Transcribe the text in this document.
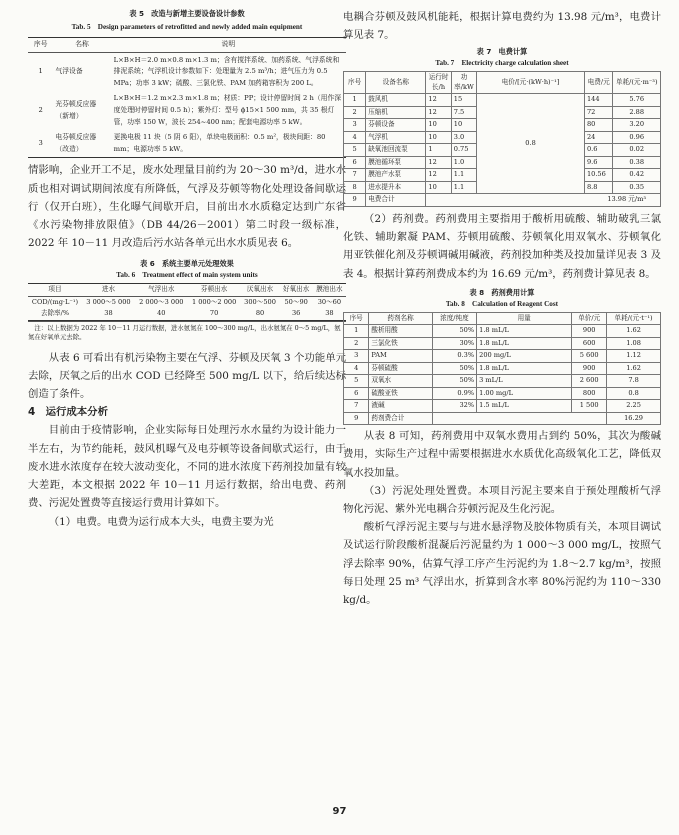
表 5　改造与新增主要设备设计参数
Tab. 5　Design parameters of retrofitted and newly added main equipment
序号	名称	说明
1	气浮设备	L×B×H＝2.0 m×0.8 m×1.3 m；含有搅拌系统、加药系统、气浮系统和排泥系统；气浮机设计参数如下：处理量为 2.5 m³/h；进气压力为 0.5 MPa；功率 3 kW；硫酸、三氯化铁、PAM 加药箱容积为 200 L。
2	光芬顿反应器（新增）	L×B×H＝1.2 m×2.3 m×1.8 m；材质：PP；设计停留时间 2 h（用作深度处理时停留时间 0.5 h）；紫外灯：型号 ϕ15×1 500 mm，共 35 根灯管，功率 150 W，波长 254~400 nm；配套电源功率 5 kW。
3	电芬顿反应器（改造）	更换电极 11 块（5 阴 6 阳），单块电极面积：0.5 m²，极块间距：80 mm；电源功率 5 kW。

情影响，企业开工不足，废水处理量目前约为 20～30 m³/d，进水水质也相对调试期间浓度有所降低，气浮及芬顿等物化处理设备间歇运行（仅开白班），生化曝气间歇开启，目前出水水质稳定达到广东省《水污染物排放限值》（DB 44/26－2001）第二时段一级标准，2022 年 10－11 月改造后污水站各单元出水水质见表 6。

表 6　系统主要单元处理效果
Tab. 6　Treatment effect of main system units
项目	进水	气浮出水	芬顿出水	厌氧出水	好氧出水	膜池出水
COD/(mg·L⁻¹)	3 000～5 000	2 000～3 000	1 000～2 000	300～500	50～90	30～60
去除率/%	38	40	70	80	36	38
注：以上数据为 2022 年 10－11 月运行数据，进水氨氮在 100～300 mg/L，出水氨氮在 0～5 mg/L，氨氮在好氧单元去除。

从表 6 可看出有机污染物主要在气浮、芬顿及厌氧 3 个功能单元去除，厌氧之后的出水 COD 已经降至 500 mg/L 以下，给后续达标创造了条件。

4　运行成本分析

目前由于疫情影响，企业实际每日处理污水水量约为设计能力一半左右，为节约能耗，鼓风机曝气及电芬顿等设备间歇式运行，由于废水进水浓度存在较大波动变化，不同的进水浓度下药剂投加量有较大差距，本文根据 2022 年 10－11 月运行数据，给出电费、药剂费、污泥处置费等直接运行费用计算如下。

（1）电费。电费为运行成本大头，电费主要为光

电耦合芬顿及鼓风机能耗，根据计算电费约为 13.98 元/m³，电费计算见表 7。

表 7　电费计算
Tab. 7　Electricity charge calculation sheet
序号	设备名称	运行时长/h	功率/kW	电价/[元·(kW·h)⁻¹]	电费/元	单耗/(元·m⁻³)
1	鼓风机	12	15	0.8	144	5.76
2	压缩机	12	7.5		72	2.88
3	芬顿设备	10	10		80	3.20
4	气浮机	10	3.0		24	0.96
5	缺氧池回流泵	1	0.75		0.6	0.02
6	膜池循环泵	12	1.0		9.6	0.38
7	膜池产水泵	12	1.1		10.56	0.42
8	进水提升本	10	1.1		8.8	0.35
9	电费合计	13.98 元/m³				

（2）药剂费。药剂费用主要指用于酸析用硫酸、辅助破乳三氯化铁、辅助絮凝 PAM、芬顿用硫酸、芬顿氧化用双氧水、芬顿氧化用亚铁催化剂及芬顿调碱用碱液，药剂投加种类及投加量详见表 3 及表 4。根据计算药剂费成本约为 16.69 元/m³，药剂费计算见表 8。

表 8　药剂费用计算
Tab. 8　Calculation of Reagent Cost
序号	药剂名称	浓度/纯度	用量	单价/元	单耗/(元·t⁻¹)
1	酸析用酸	50%	1.8 mL/L	900	1.62
2	三氯化铁	30%	1.8 mL/L	600	1.08
3	PAM	0.3%	200 mg/L	5 600	1.12
4	芬顿硫酸	50%	1.8 mL/L	900	1.62
5	双氧水	50%	3 mL/L	2 600	7.8
6	硫酸亚铁	0.9%	1.00 mg/L	800	0.8
7	液碱	32%	1.5 mL/L	1 500	2.25
9	药剂费合计				16.29

从表 8 可知，药剂费用中双氧水费用占到约 50%，其次为酸碱费用，实际生产过程中需要根据进水水质优化高级氧化工艺，降低双氧水投加量。

（3）污泥处理处置费。本项目污泥主要来自于预处理酸析气浮物化污泥、紫外光电耦合芬顿污泥及生化污泥。

酸析气浮污泥主要与与进水悬浮物及胶体物质有关，本项目调试及试运行阶段酸析混凝后污泥量约为 1 000～3 000 mg/L，按照气浮去除率 90%，估算气浮工序产生污泥约为 1.8～2.7 kg/m³，按照每日处理 25 m³ 气浮出水，折算到含水率 80%污泥约为 110～330 kg/d。

97
